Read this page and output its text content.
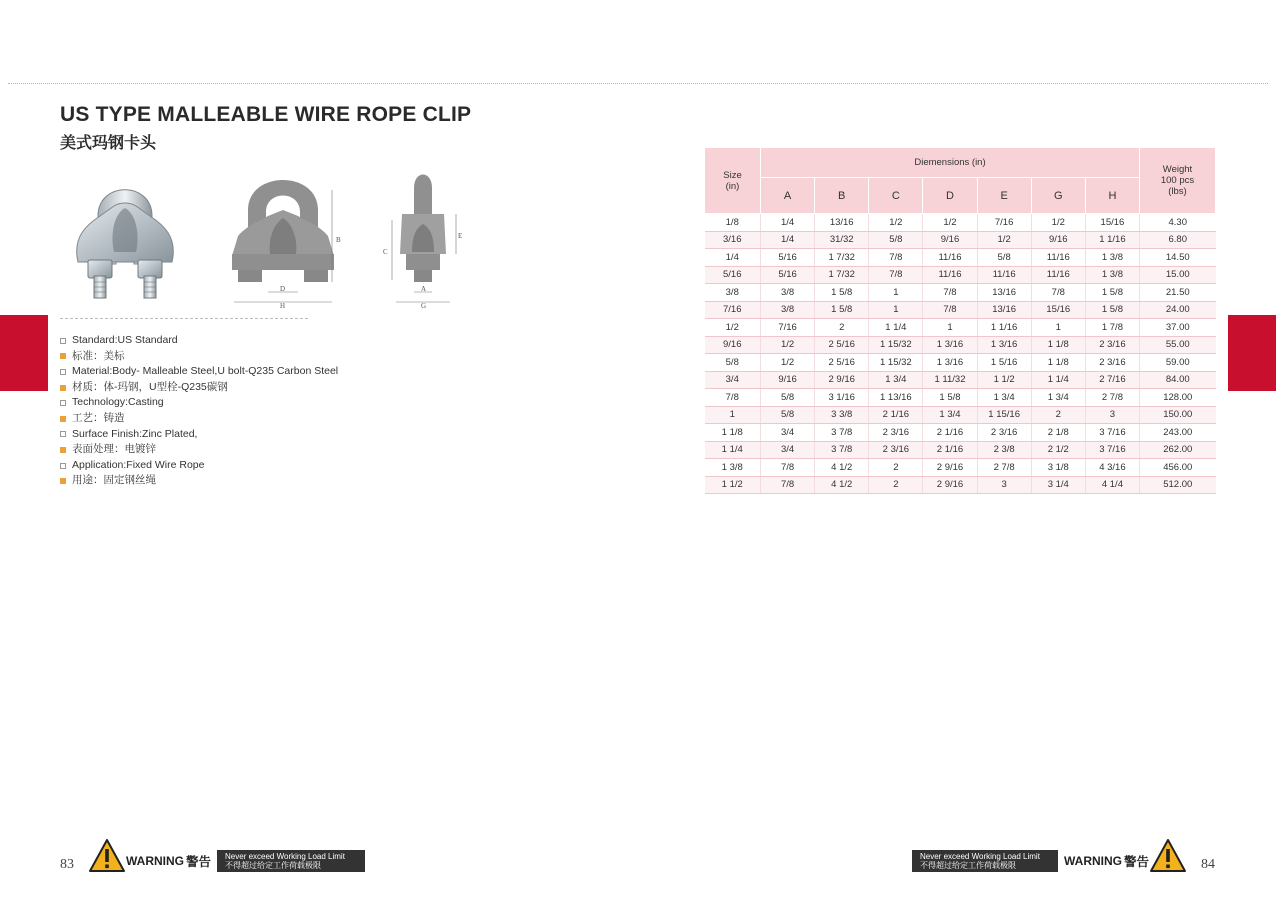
US TYPE MALLEABLE WIRE ROPE CLIP
美式玛钢卡头
B
D
H
C
E
A
G
Standard:US Standard
标准：美标
Material:Body- Malleable Steel,U bolt-Q235 Carbon Steel
材质：体-玛钢，U型栓-Q235碳钢
Technology:Casting
工艺：铸造
Surface Finish:Zinc Plated,
表面处理：电镀锌
Application:Fixed Wire Rope
用途：固定钢丝绳
Size
(in)	Diemensions (in)							Weight
100 pcs
(lbs)
	A	B	C	D	E	G	H	
1/8	1/4	13/16	1/2	1/2	7/16	1/2	15/16	4.30
3/16	1/4	31/32	5/8	9/16	1/2	9/16	1 1/16	6.80
1/4	5/16	1 7/32	7/8	11/16	5/8	11/16	1 3/8	14.50
5/16	5/16	1 7/32	7/8	11/16	11/16	11/16	1 3/8	15.00
3/8	3/8	1 5/8	1	7/8	13/16	7/8	1 5/8	21.50
7/16	3/8	1 5/8	1	7/8	13/16	15/16	1 5/8	24.00
1/2	7/16	2	1 1/4	1	1 1/16	1	1 7/8	37.00
9/16	1/2	2 5/16	1 15/32	1 3/16	1 3/16	1 1/8	2 3/16	55.00
5/8	1/2	2 5/16	1 15/32	1 3/16	1 5/16	1 1/8	2 3/16	59.00
3/4	9/16	2 9/16	1 3/4	1 11/32	1 1/2	1 1/4	2 7/16	84.00
7/8	5/8	3 1/16	1 13/16	1 5/8	1 3/4	1 3/4	2 7/8	128.00
1	5/8	3 3/8	2 1/16	1 3/4	1 15/16	2	3	150.00
1 1/8	3/4	3 7/8	2 3/16	2 1/16	2 3/16	2 1/8	3 7/16	243.00
1 1/4	3/4	3 7/8	2 3/16	2 1/16	2 3/8	2 1/2	3 7/16	262.00
1 3/8	7/8	4 1/2	2	2 9/16	2 7/8	3 1/8	4 3/16	456.00
1 1/2	7/8	4 1/2	2	2 9/16	3	3 1/4	4 1/4	512.00
83	84
WARNING 警告 Never exceed Working Load Limit
不得超过给定工作荷载极限
Never exceed Working Load Limit
不得超过给定工作荷载极限	WARNING 警告
